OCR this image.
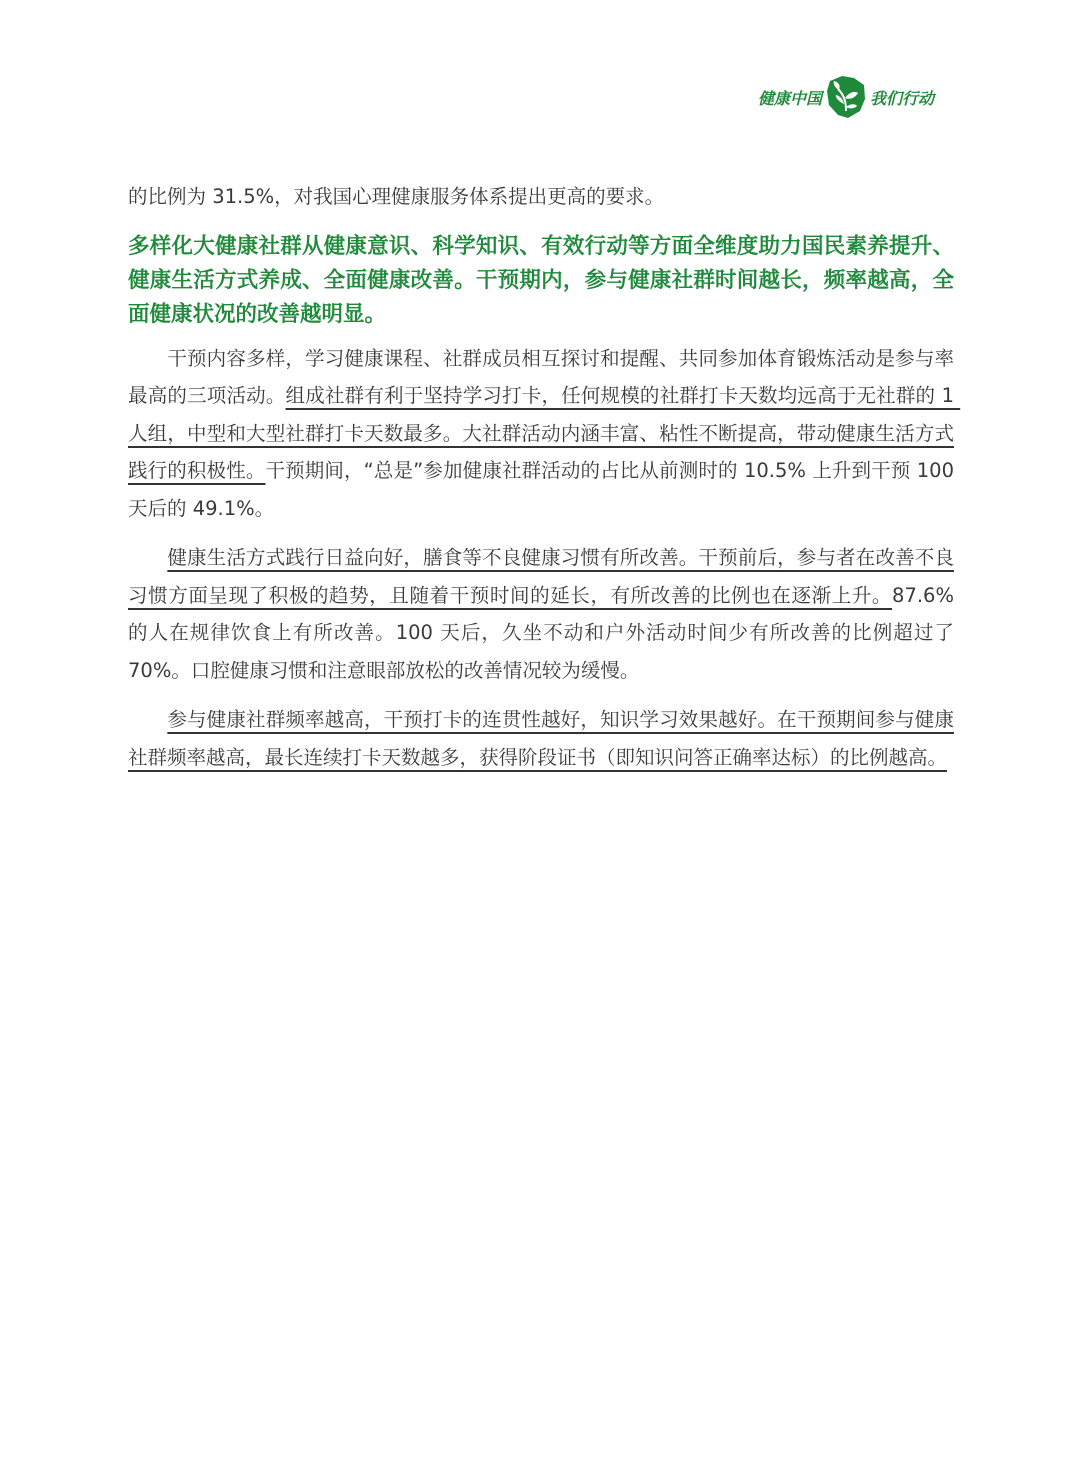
健康中国	我们行动

的比例为 31.5%，对我国心理健康服务体系提出更高的要求。

多样化大健康社群从健康意识、科学知识、有效行动等方面全维度助力国民素养提升、健康生活方式养成、全面健康改善。干预期内，参与健康社群时间越长，频率越高，全面健康状况的改善越明显。

　　干预内容多样，学习健康课程、社群成员相互探讨和提醒、共同参加体育锻炼活动是参与率最高的三项活动。组成社群有利于坚持学习打卡，任何规模的社群打卡天数均远高于无社群的 1 人组，中型和大型社群打卡天数最多。大社群活动内涵丰富、粘性不断提高，带动健康生活方式践行的积极性。干预期间，“总是”参加健康社群活动的占比从前测时的 10.5% 上升到干预 100 天后的 49.1%。

　　健康生活方式践行日益向好，膳食等不良健康习惯有所改善。干预前后，参与者在改善不良习惯方面呈现了积极的趋势，且随着干预时间的延长，有所改善的比例也在逐渐上升。87.6% 的人在规律饮食上有所改善。100 天后，久坐不动和户外活动时间少有所改善的比例超过了 70%。口腔健康习惯和注意眼部放松的改善情况较为缓慢。

　　参与健康社群频率越高，干预打卡的连贯性越好，知识学习效果越好。在干预期间参与健康社群频率越高，最长连续打卡天数越多，获得阶段证书（即知识问答正确率达标）的比例越高。
